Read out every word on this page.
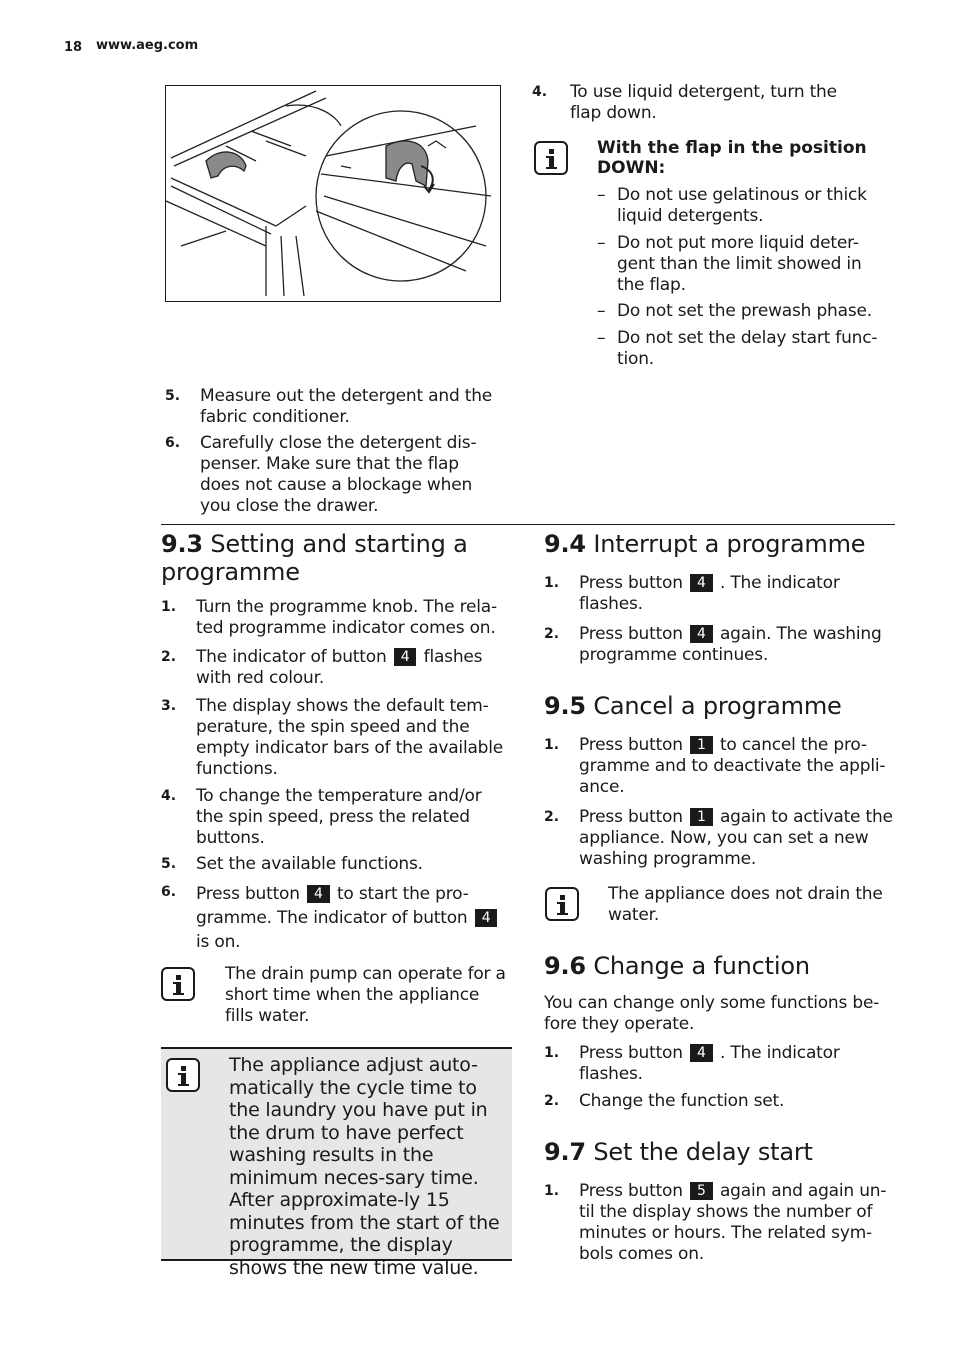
18 www.aeg.com
5.	Measure out the detergent and the fabric conditioner.
6.	Carefully close the detergent dis-penser. Make sure that the flap does not cause a blockage when you close the drawer.
4.	To use liquid detergent, turn the flap down.
With the flap in the position DOWN:
– Do not use gelatinous or thick liquid detergents.
– Do not put more liquid deter-gent than the limit showed in the flap.
– Do not set the prewash phase.
– Do not set the delay start func-tion.
9.3 Setting and starting a programme
1.	Turn the programme knob. The rela-ted programme indicator comes on.
2.	The indicator of button 4 flashes with red colour.
3.	The display shows the default tem-perature, the spin speed and the empty indicator bars of the available functions.
4.	To change the temperature and/or the spin speed, press the related buttons.
5.	Set the available functions.
6.	Press button 4 to start the pro-gramme. The indicator of button 4 is on.
The drain pump can operate for a short time when the appliance fills water.
The appliance adjust auto-matically the cycle time to the laundry you have put in the drum to have perfect washing results in the minimum neces-sary time. After approximate-ly 15 minutes from the start of the programme, the display shows the new time value.
9.4 Interrupt a programme
1.	Press button 4 . The indicator flashes.
2.	Press button 4 again. The washing programme continues.
9.5 Cancel a programme
1.	Press button 1 to cancel the pro-gramme and to deactivate the appli-ance.
2.	Press button 1 again to activate the appliance. Now, you can set a new washing programme.
The appliance does not drain the water.
9.6 Change a function
You can change only some functions be-fore they operate.
1.	Press button 4 . The indicator flashes.
2.	Change the function set.
9.7 Set the delay start
1.	Press button 5 again and again un-til the display shows the number of minutes or hours. The related sym-bols comes on.
